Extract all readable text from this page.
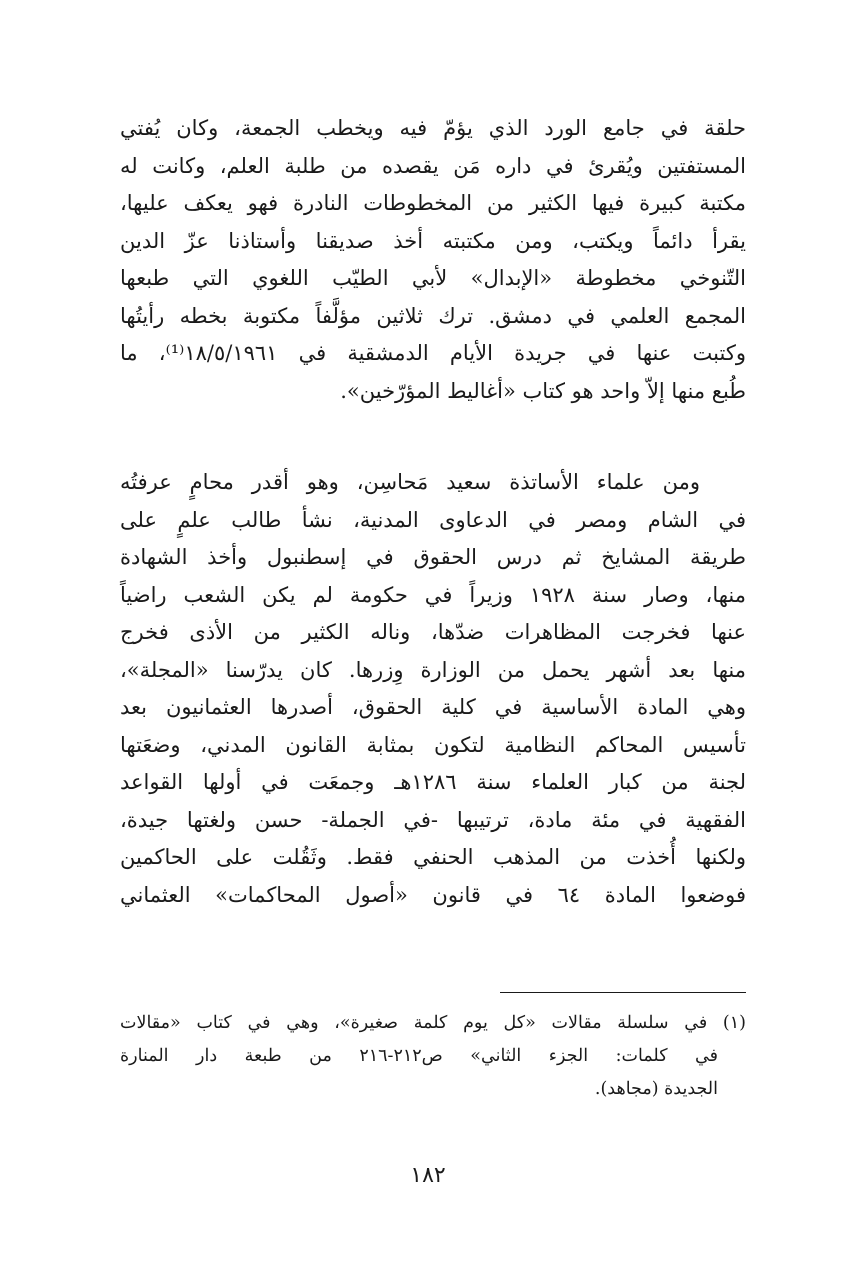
حلقة في جامع الورد الذي يؤمّ فيه ويخطب الجمعة، وكان يُفتي
المستفتين ويُقرئ في داره مَن يقصده من طلبة العلم، وكانت له
مكتبة كبيرة فيها الكثير من المخطوطات النادرة فهو يعكف عليها،
يقرأ دائماً ويكتب، ومن مكتبته أخذ صديقنا وأستاذنا عزّ الدين
التّنوخي مخطوطة «الإبدال» لأبي الطيّب اللغوي التي طبعها
المجمع العلمي في دمشق. ترك ثلاثين مؤلَّفاً مكتوبة بخطه رأيتُها
وكتبت عنها في جريدة الأيام الدمشقية في ١٨/٥/١٩٦١⁽¹⁾، ما
طُبع منها إلاّ واحد هو كتاب «أغاليط المؤرّخين».
ومن علماء الأساتذة سعيد مَحاسِن، وهو أقدر محامٍ عرفتُه
في الشام ومصر في الدعاوى المدنية، نشأ طالب علمٍ على
طريقة المشايخ ثم درس الحقوق في إسطنبول وأخذ الشهادة
منها، وصار سنة ١٩٢٨ وزيراً في حكومة لم يكن الشعب راضياً
عنها فخرجت المظاهرات ضدّها، وناله الكثير من الأذى فخرج
منها بعد أشهر يحمل من الوزارة وِزرها. كان يدرّسنا «المجلة»،
وهي المادة الأساسية في كلية الحقوق، أصدرها العثمانيون بعد
تأسيس المحاكم النظامية لتكون بمثابة القانون المدني، وضعَتها
لجنة من كبار العلماء سنة ١٢٨٦هـ وجمعَت في أولها القواعد
الفقهية في مئة مادة، ترتيبها -في الجملة- حسن ولغتها جيدة،
ولكنها أُخذت من المذهب الحنفي فقط. وثَقُلت على الحاكمين
فوضعوا المادة ٦٤ في قانون «أصول المحاكمات» العثماني
(١) في سلسلة مقالات «كل يوم كلمة صغيرة»، وهي في كتاب «مقالات
في كلمات: الجزء الثاني» ص٢١٢-٢١٦ من طبعة دار المنارة
الجديدة (مجاهد).
١٨٢
